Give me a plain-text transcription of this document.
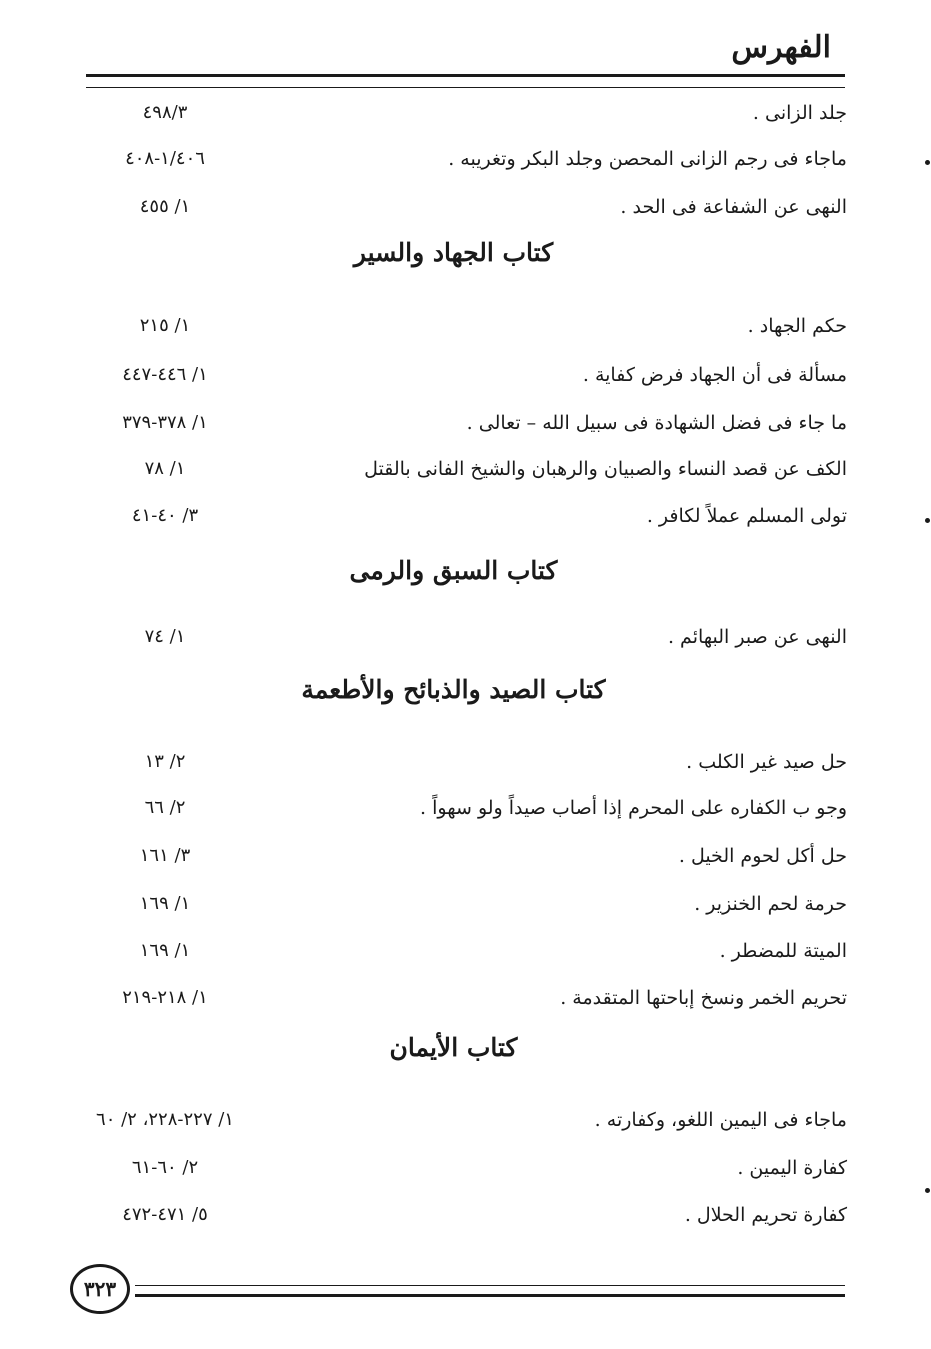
الفهرس
جلد الزانى .
٤٩٨/٣
ماجاء فى رجم الزانى المحصن وجلد البكر وتغريبه .
١/٤٠٦-٤٠٨
النهى عن الشفاعة فى الحد .
١/ ٤٥٥
كتاب الجهاد والسير
حكم الجهاد .
١/ ٢١٥
مسألة فى أن الجهاد فرض كفاية .
١/ ٤٤٦-٤٤٧
ما جاء فى فضل الشهادة فى سبيل الله – تعالى .
١/ ٣٧٨-٣٧٩
الكف عن قصد النساء والصبيان والرهبان والشيخ الفانى بالقتل
١/ ٧٨
تولى المسلم عملاً لكافر .
٣/ ٤٠-٤١
كتاب السبق والرمى
النهى عن صبر البهائم .
١/ ٧٤
كتاب الصيد والذبائح والأطعمة
حل صيد غير الكلب .
٢/ ١٣
وجو ب الكفاره على المحرم إذا أصاب صيداً ولو سهواً .
٢/ ٦٦
حل أكل لحوم الخيل .
٣/ ١٦١
حرمة لحم الخنزير .
١/ ١٦٩
الميتة للمضطر .
١/ ١٦٩
تحريم الخمر ونسخ إباحتها المتقدمة .
١/ ٢١٨-٢١٩
كتاب الأيمان
ماجاء فى اليمين اللغو، وكفارته .
١/ ٢٢٧-٢٢٨، ٢/ ٦٠
كفارة اليمين .
٢/ ٦٠-٦١
كفارة تحريم الحلال .
٥/ ٤٧١-٤٧٢
٣٢٣
